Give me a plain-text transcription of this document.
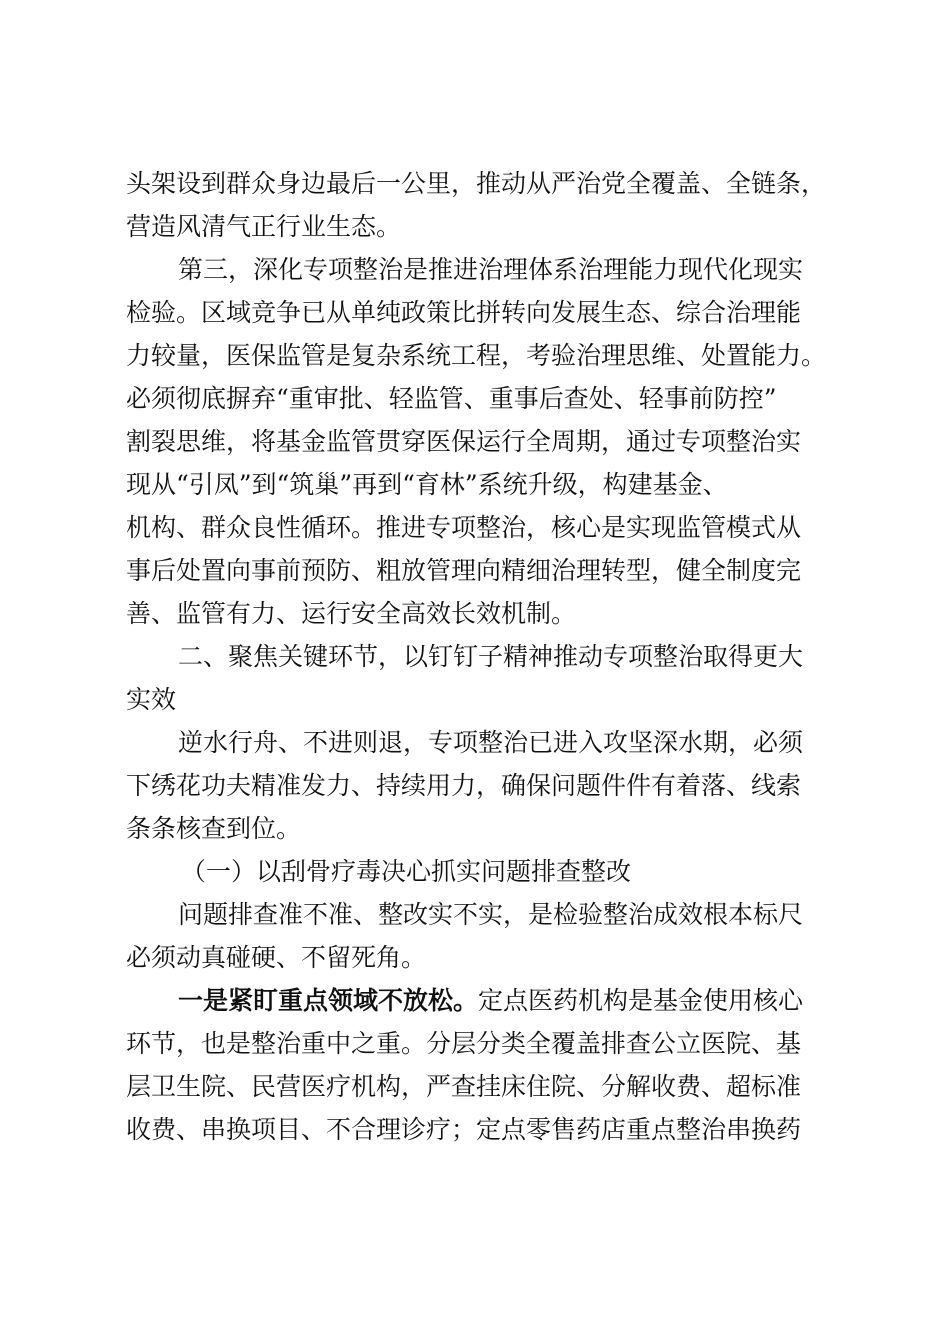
头架设到群众身边最后一公里，推动从严治党全覆盖、全链条，
营造风清气正行业生态。
第三，深化专项整治是推进治理体系治理能力现代化现实
检验。区域竞争已从单纯政策比拼转向发展生态、综合治理能
力较量，医保监管是复杂系统工程，考验治理思维、处置能力。
必须彻底摒弃“重审批、轻监管、重事后查处、轻事前防控”
割裂思维，将基金监管贯穿医保运行全周期，通过专项整治实
现从“引凤”到“筑巢”再到“育林”系统升级，构建基金、
机构、群众良性循环。推进专项整治，核心是实现监管模式从
事后处置向事前预防、粗放管理向精细治理转型，健全制度完
善、监管有力、运行安全高效长效机制。
二、聚焦关键环节，以钉钉子精神推动专项整治取得更大
实效
逆水行舟、不进则退，专项整治已进入攻坚深水期，必须
下绣花功夫精准发力、持续用力，确保问题件件有着落、线索
条条核查到位。
（一）以刮骨疗毒决心抓实问题排查整改
问题排查准不准、整改实不实，是检验整治成效根本标尺
必须动真碰硬、不留死角。
一是紧盯重点领域不放松。定点医药机构是基金使用核心
环节，也是整治重中之重。分层分类全覆盖排查公立医院、基
层卫生院、民营医疗机构，严查挂床住院、分解收费、超标准
收费、串换项目、不合理诊疗；定点零售药店重点整治串换药
